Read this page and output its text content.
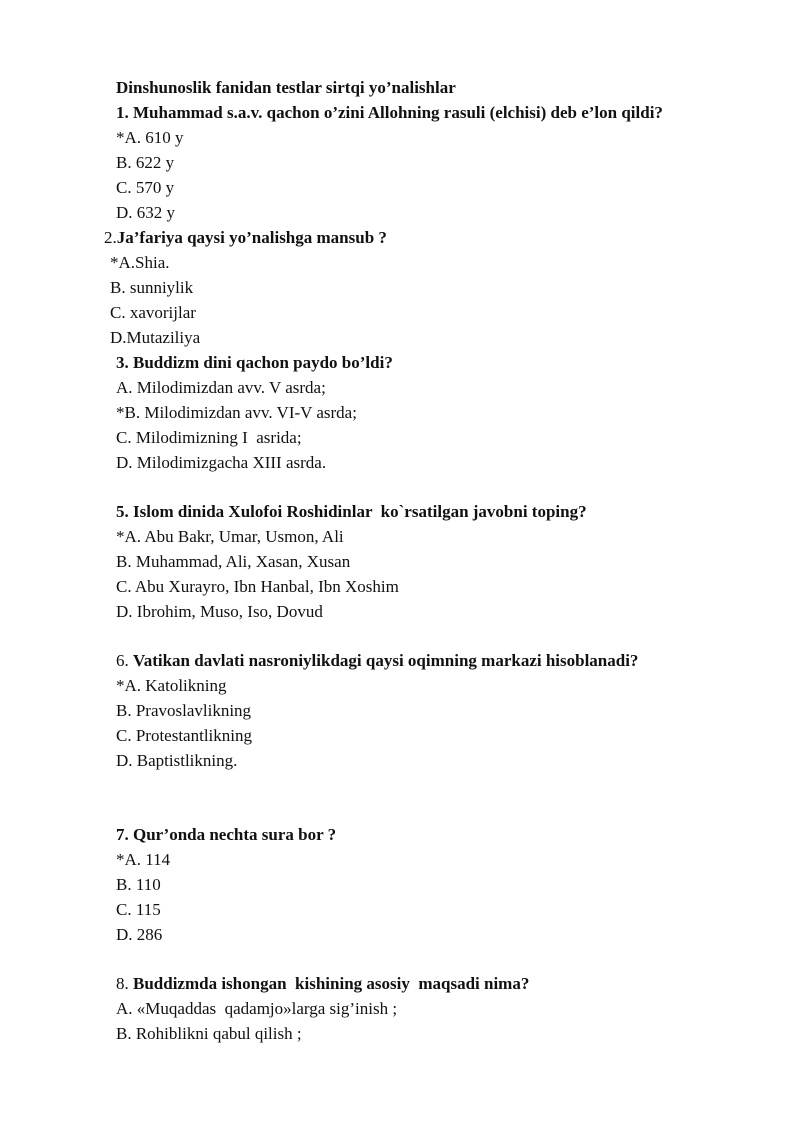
Dinshunoslik fanidan testlar sirtqi yo’nalishlar
1. Muhammad s.a.v. qachon o’zini Allohning rasuli (elchisi) deb e’lon qildi?
*A. 610 y
B. 622 y
C. 570 y
D. 632 y
2.Ja’fariya qaysi yo’nalishga mansub ?
*A.Shia.
B. sunniylik
C. xavorijlar
D.Mutaziliya
3. Buddizm dini qachon paydo bo’ldi?
A. Milodimizdan avv. V asrda;
*B. Milodimizdan avv. VI-V asrda;
C. Milodimizning I  asrida;
D. Milodimizgacha XIII asrda.
5. Islom dinida Xulofoi Roshidinlar  ko`rsatilgan javobni toping?
*A. Abu Bakr, Umar, Usmon, Ali
B. Muhammad, Ali, Xasan, Xusan
C. Abu Xurayro, Ibn Hanbal, Ibn Xoshim
D. Ibrohim, Muso, Iso, Dovud
6. Vatikan davlati nasroniylikdagi qaysi oqimning markazi hisoblanadi?
*A. Katolikning
B. Pravoslavlikning
C. Protestantlikning
D. Baptistlikning.
7. Qur’onda nechta sura bor ?
*A. 114
B. 110
C. 115
D. 286
8. Buddizmda ishongan  kishining asosiy  maqsadi nima?
A. «Muqaddas  qadamjo»larga sig’inish ;
B. Rohiblikni qabul qilish ;
